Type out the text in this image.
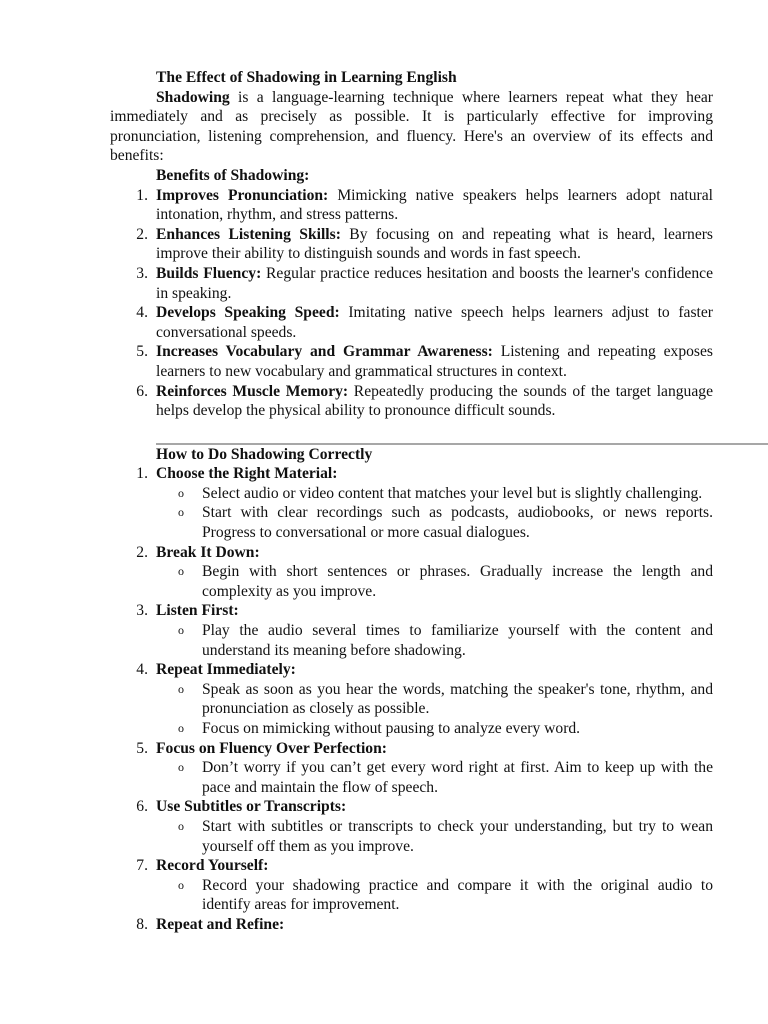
The Effect of Shadowing in Learning English
Shadowing is a language-learning technique where learners repeat what they hear immediately and as precisely as possible. It is particularly effective for improving pronunciation, listening comprehension, and fluency. Here's an overview of its effects and benefits:
Benefits of Shadowing:
1. Improves Pronunciation: Mimicking native speakers helps learners adopt natural intonation, rhythm, and stress patterns.
2. Enhances Listening Skills: By focusing on and repeating what is heard, learners improve their ability to distinguish sounds and words in fast speech.
3. Builds Fluency: Regular practice reduces hesitation and boosts the learner's confidence in speaking.
4. Develops Speaking Speed: Imitating native speech helps learners adjust to faster conversational speeds.
5. Increases Vocabulary and Grammar Awareness: Listening and repeating exposes learners to new vocabulary and grammatical structures in context.
6. Reinforces Muscle Memory: Repeatedly producing the sounds of the target language helps develop the physical ability to pronounce difficult sounds.
How to Do Shadowing Correctly
1. Choose the Right Material:
o Select audio or video content that matches your level but is slightly challenging.
o Start with clear recordings such as podcasts, audiobooks, or news reports. Progress to conversational or more casual dialogues.
2. Break It Down:
o Begin with short sentences or phrases. Gradually increase the length and complexity as you improve.
3. Listen First:
o Play the audio several times to familiarize yourself with the content and understand its meaning before shadowing.
4. Repeat Immediately:
o Speak as soon as you hear the words, matching the speaker's tone, rhythm, and pronunciation as closely as possible.
o Focus on mimicking without pausing to analyze every word.
5. Focus on Fluency Over Perfection:
o Don’t worry if you can’t get every word right at first. Aim to keep up with the pace and maintain the flow of speech.
6. Use Subtitles or Transcripts:
o Start with subtitles or transcripts to check your understanding, but try to wean yourself off them as you improve.
7. Record Yourself:
o Record your shadowing practice and compare it with the original audio to identify areas for improvement.
8. Repeat and Refine:
